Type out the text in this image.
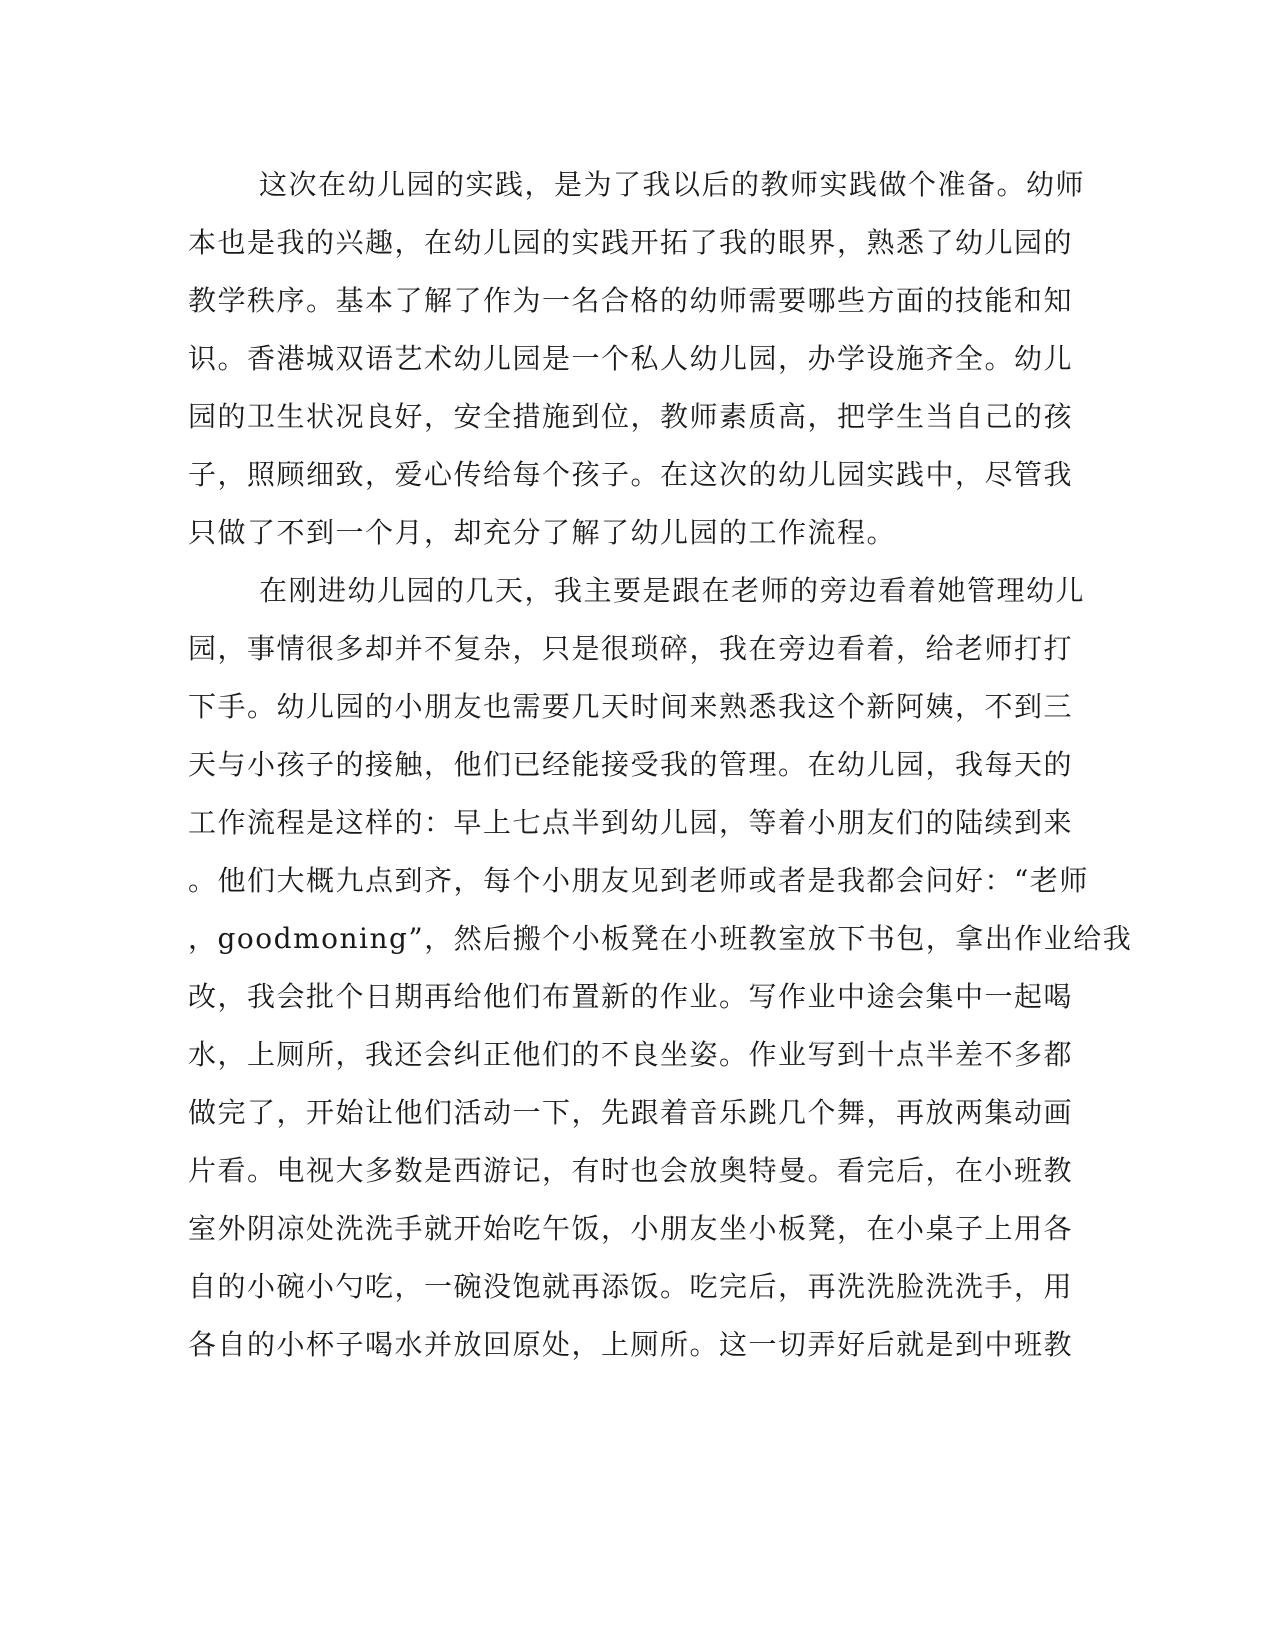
这次在幼儿园的实践，是为了我以后的教师实践做个准备。幼师
本也是我的兴趣，在幼儿园的实践开拓了我的眼界，熟悉了幼儿园的
教学秩序。基本了解了作为一名合格的幼师需要哪些方面的技能和知
识。香港城双语艺术幼儿园是一个私人幼儿园，办学设施齐全。幼儿
园的卫生状况良好，安全措施到位，教师素质高，把学生当自己的孩
子，照顾细致，爱心传给每个孩子。在这次的幼儿园实践中，尽管我
只做了不到一个月，却充分了解了幼儿园的工作流程。
在刚进幼儿园的几天，我主要是跟在老师的旁边看着她管理幼儿
园，事情很多却并不复杂，只是很琐碎，我在旁边看着，给老师打打
下手。幼儿园的小朋友也需要几天时间来熟悉我这个新阿姨，不到三
天与小孩子的接触，他们已经能接受我的管理。在幼儿园，我每天的
工作流程是这样的：早上七点半到幼儿园，等着小朋友们的陆续到来
。他们大概九点到齐，每个小朋友见到老师或者是我都会问好：“老师
，goodmoning”，然后搬个小板凳在小班教室放下书包，拿出作业给我
改，我会批个日期再给他们布置新的作业。写作业中途会集中一起喝
水，上厕所，我还会纠正他们的不良坐姿。作业写到十点半差不多都
做完了，开始让他们活动一下，先跟着音乐跳几个舞，再放两集动画
片看。电视大多数是西游记，有时也会放奥特曼。看完后，在小班教
室外阴凉处洗洗手就开始吃午饭，小朋友坐小板凳，在小桌子上用各
自的小碗小勺吃，一碗没饱就再添饭。吃完后，再洗洗脸洗洗手，用
各自的小杯子喝水并放回原处，上厕所。这一切弄好后就是到中班教
